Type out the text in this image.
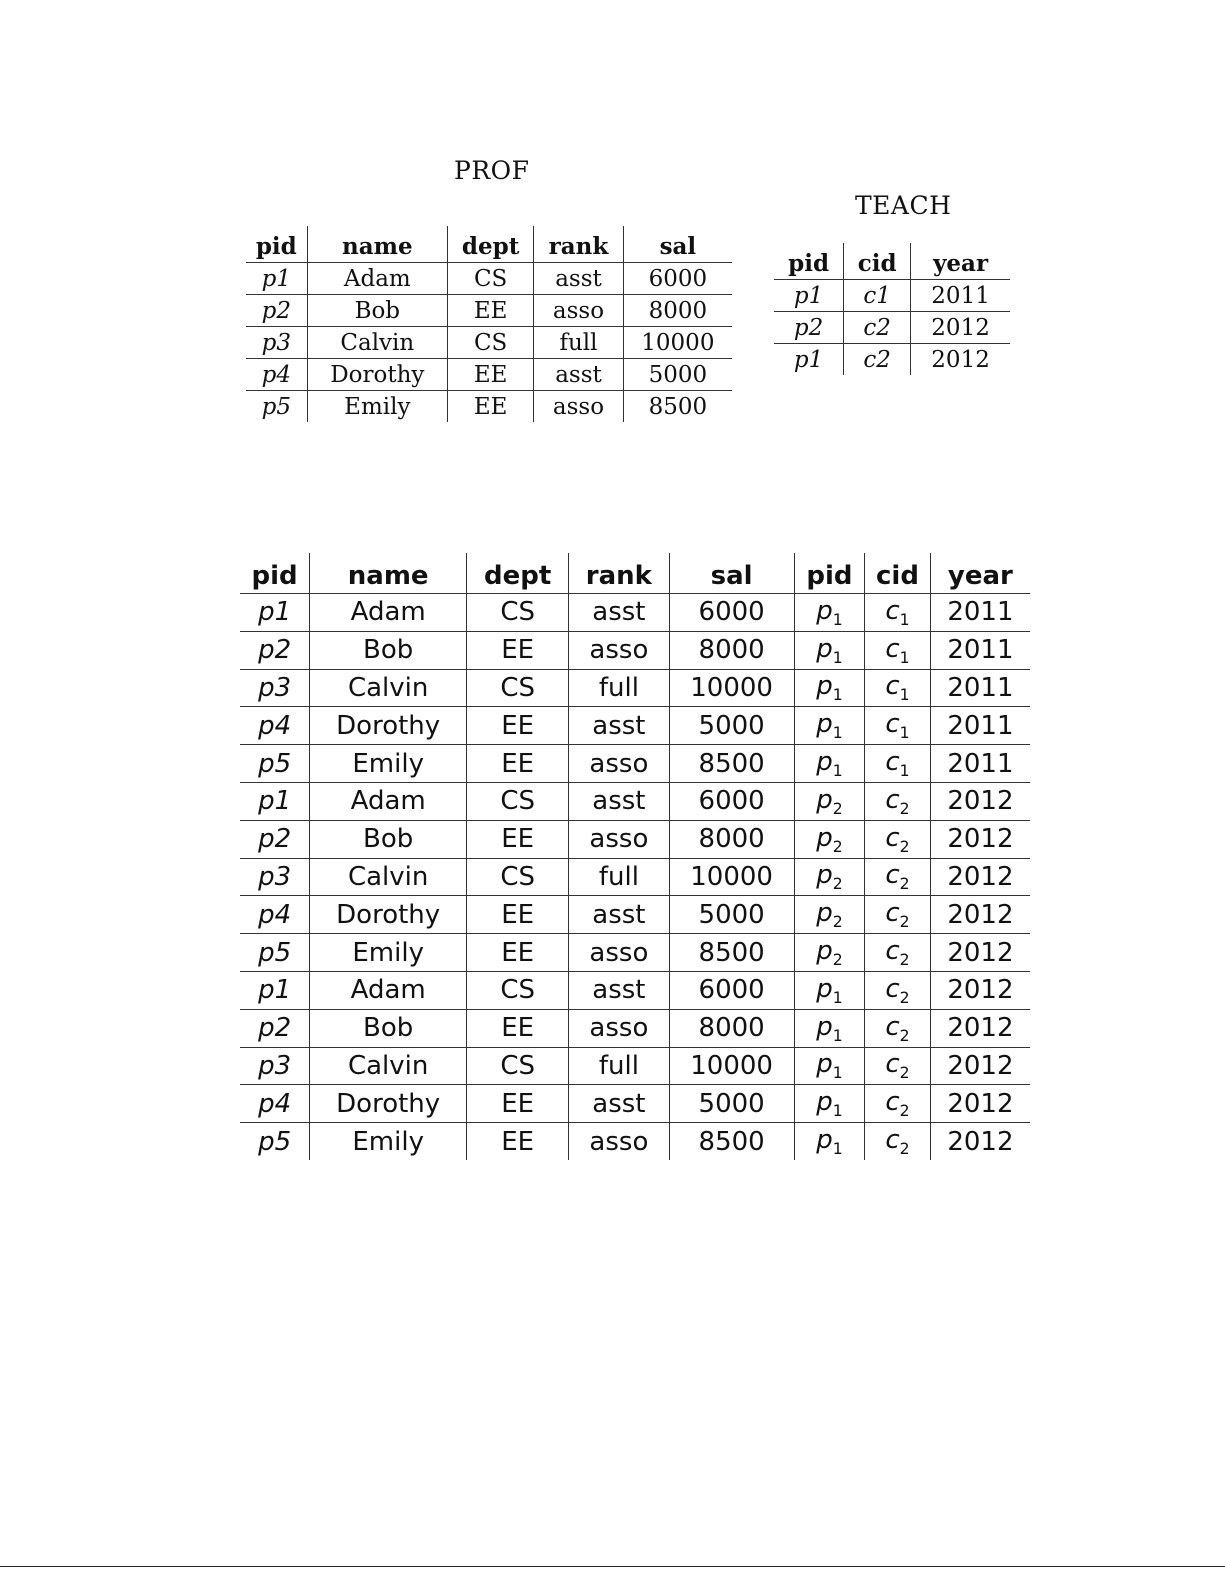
PROF
TEACH
pid	name	dept	rank	sal
p1	Adam	CS	asst	6000
p2	Bob	EE	asso	8000
p3	Calvin	CS	full	10000
p4	Dorothy	EE	asst	5000
p5	Emily	EE	asso	8500
pid	cid	year
p1	c1	2011
p2	c2	2012
p1	c2	2012
pid	name	dept	rank	sal	pid	cid	year
p1	Adam	CS	asst	6000	$p_1$	$c_1$	2011
p2	Bob	EE	asso	8000	$p_1$	$c_1$	2011
p3	Calvin	CS	full	10000	$p_1$	$c_1$	2011
p4	Dorothy	EE	asst	5000	$p_1$	$c_1$	2011
p5	Emily	EE	asso	8500	$p_1$	$c_1$	2011
p1	Adam	CS	asst	6000	$p_2$	$c_2$	2012
p2	Bob	EE	asso	8000	$p_2$	$c_2$	2012
p3	Calvin	CS	full	10000	$p_2$	$c_2$	2012
p4	Dorothy	EE	asst	5000	$p_2$	$c_2$	2012
p5	Emily	EE	asso	8500	$p_2$	$c_2$	2012
p1	Adam	CS	asst	6000	$p_1$	$c_2$	2012
p2	Bob	EE	asso	8000	$p_1$	$c_2$	2012
p3	Calvin	CS	full	10000	$p_1$	$c_2$	2012
p4	Dorothy	EE	asst	5000	$p_1$	$c_2$	2012
p5	Emily	EE	asso	8500	$p_1$	$c_2$	2012
